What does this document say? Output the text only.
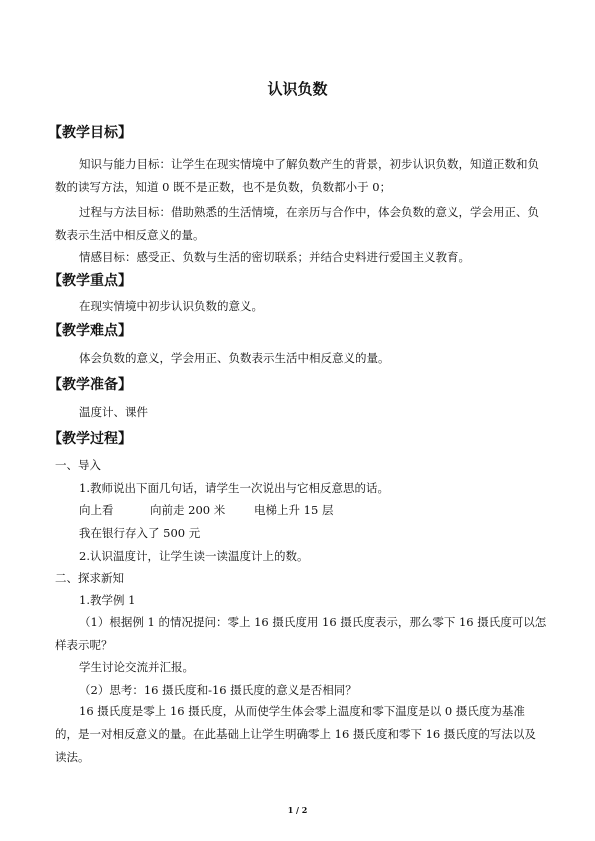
认识负数
【教学目标】

知识与能力目标：让学生在现实情境中了解负数产生的背景，初步认识负数，知道正数和负数的读写方法，知道 0 既不是正数，也不是负数，负数都小于 0；

过程与方法目标：借助熟悉的生活情境，在亲历与合作中，体会负数的意义，学会用正、负数表示生活中相反意义的量。

情感目标：感受正、负数与生活的密切联系；并结合史料进行爱国主义教育。

【教学重点】

在现实情境中初步认识负数的意义。

【教学难点】

体会负数的意义，学会用正、负数表示生活中相反意义的量。

【教学准备】

温度计、课件

【教学过程】
一、导入
1.教师说出下面几句话，请学生一次说出与它相反意思的话。
向上看	向前走 200 米 电梯上升 15 层
我在银行存入了 500 元
2.认识温度计，让学生读一读温度计上的数。
二、探求新知
1.教学例 1

（1）根据例 1 的情况提问：零上 16 摄氏度用 16 摄氏度表示，那么零下 16 摄氏度可以怎样表示呢？

学生讨论交流并汇报。
（2）思考：16 摄氏度和-16 摄氏度的意义是否相同？

16 摄氏度是零上 16 摄氏度，从而使学生体会零上温度和零下温度是以 0 摄氏度为基准的，是一对相反意义的量。在此基础上让学生明确零上 16 摄氏度和零下 16 摄氏度的写法以及读法。

1 / 2
